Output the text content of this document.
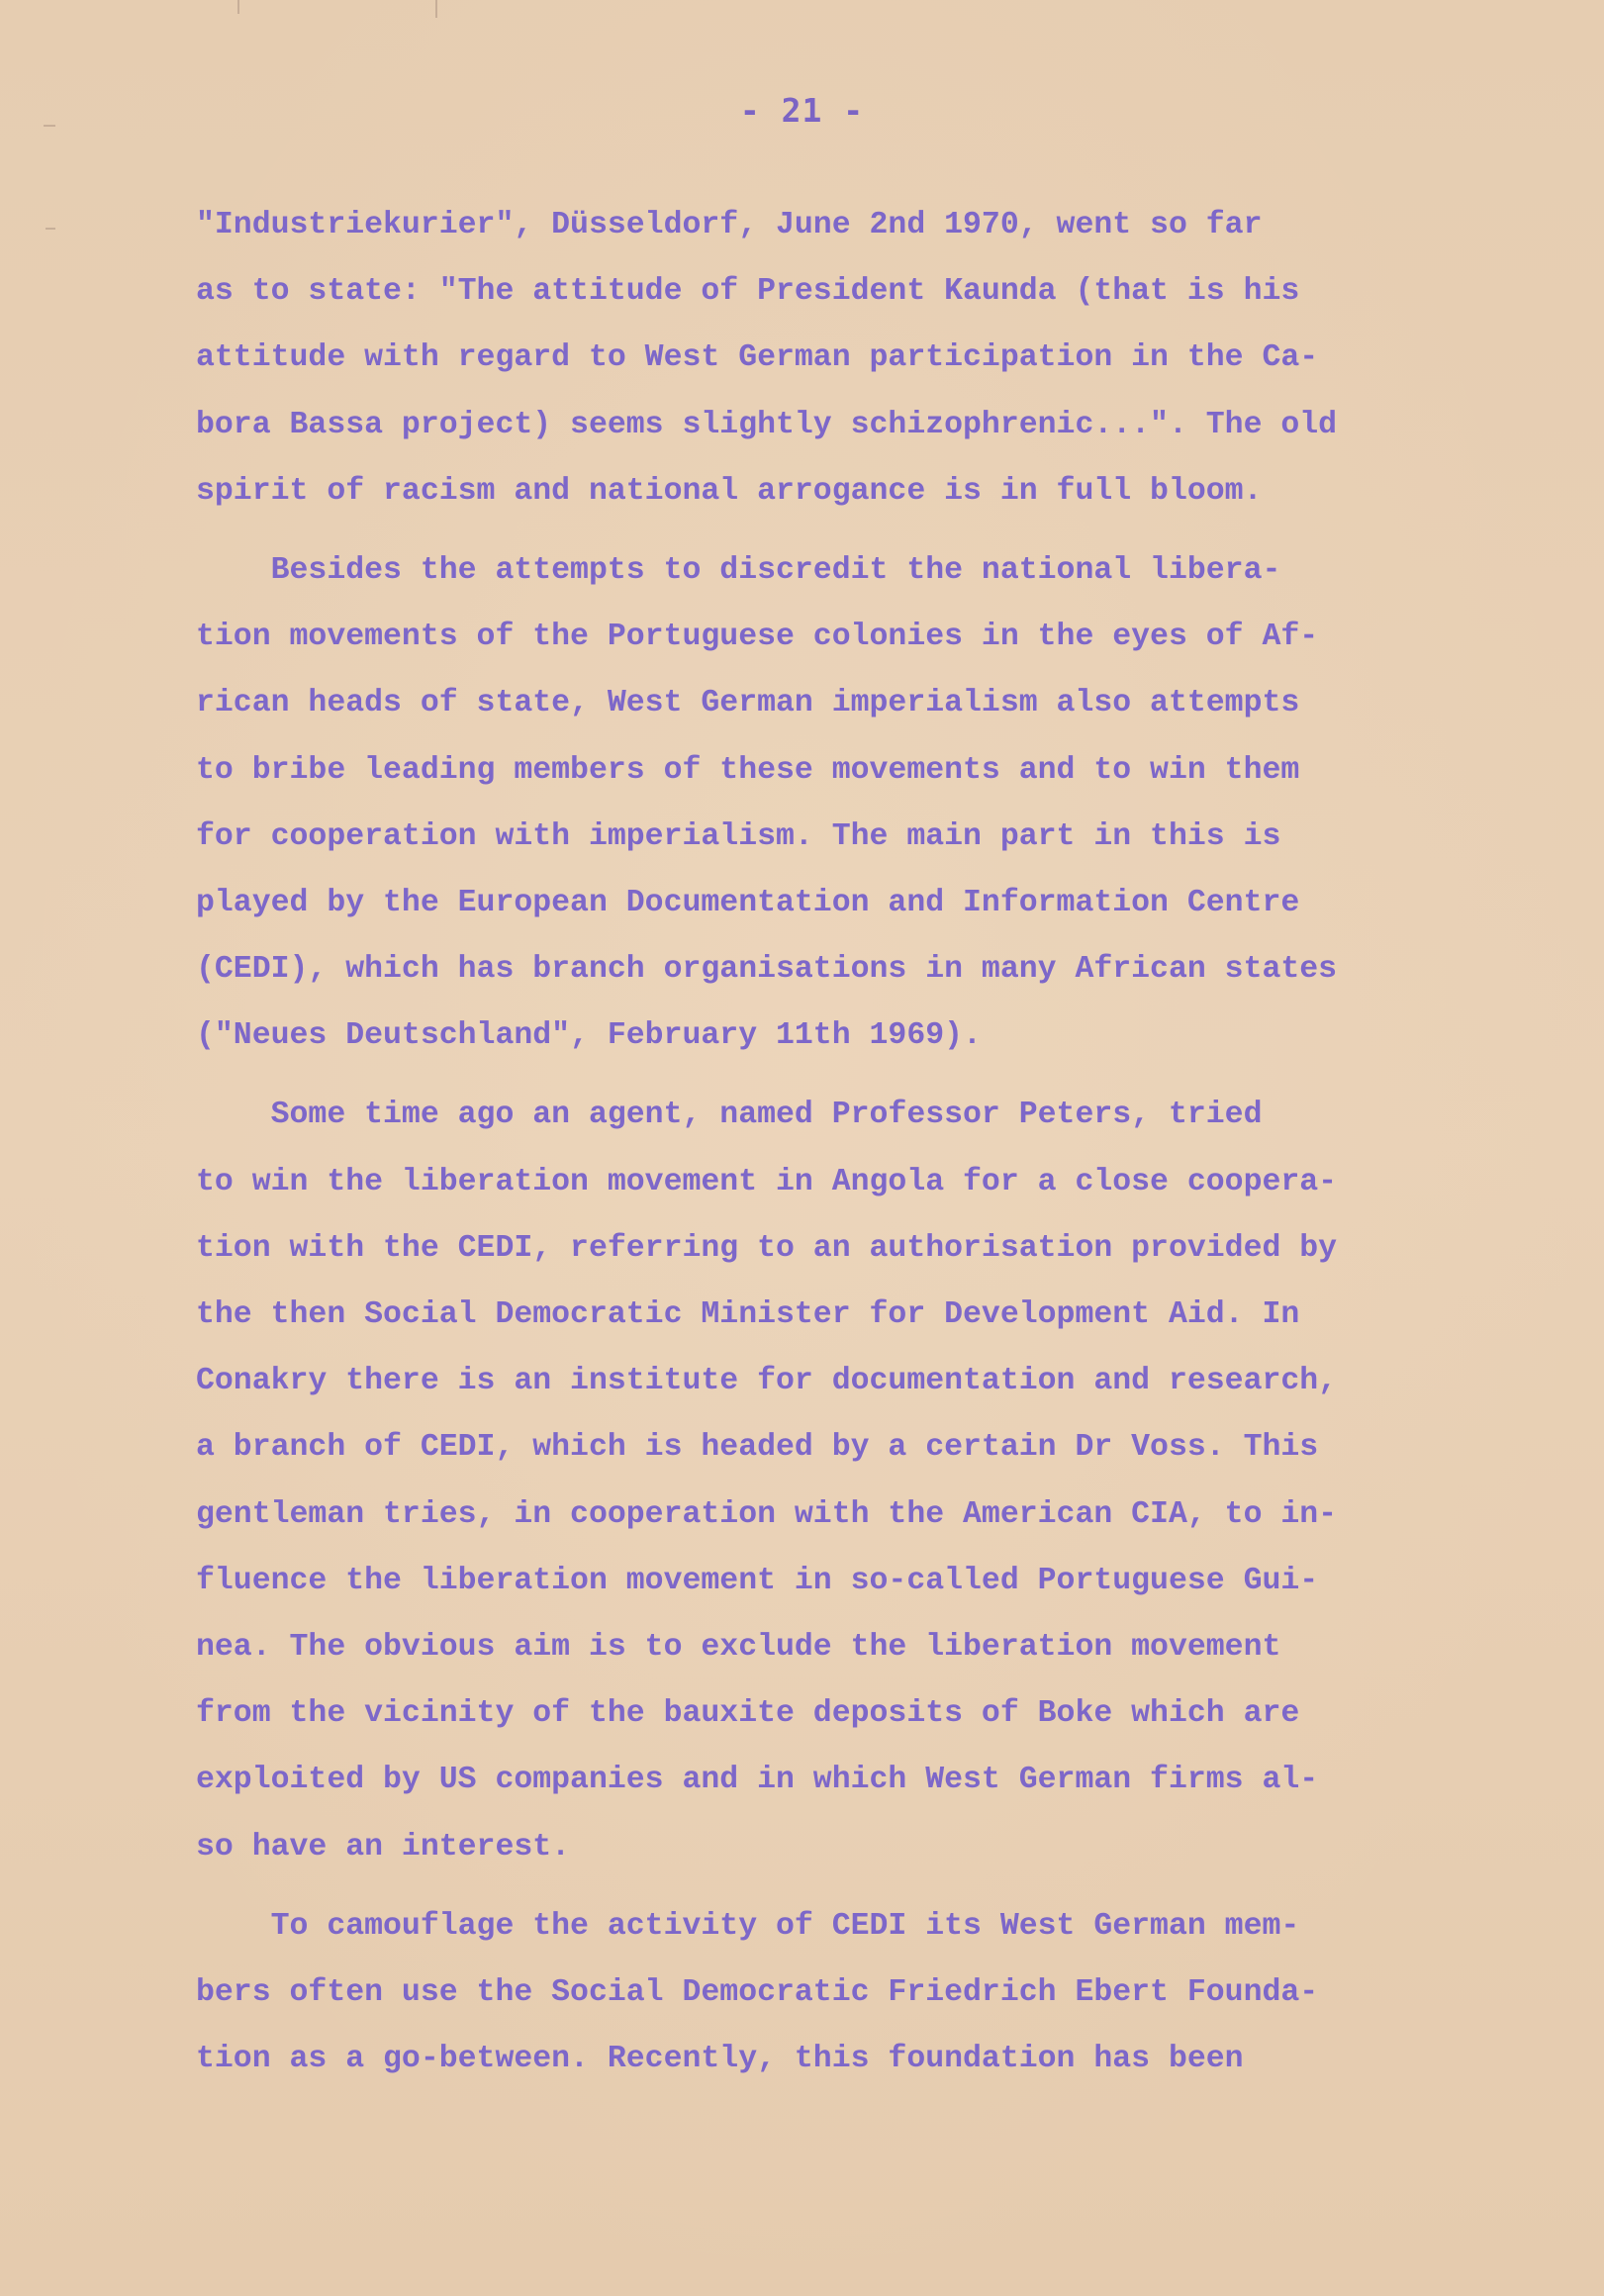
- 21 -
"Industriekurier", Düsseldorf, June 2nd 1970, went so far
as to state: "The attitude of President Kaunda (that is his
attitude with regard to West German participation in the Ca-
bora Bassa project) seems slightly schizophrenic...". The old
spirit of racism and national arrogance is in full bloom.
Besides the attempts to discredit the national libera-
tion movements of the Portuguese colonies in the eyes of Af-
rican heads of state, West German imperialism also attempts
to bribe leading members of these movements and to win them
for cooperation with imperialism. The main part in this is
played by the European Documentation and Information Centre
(CEDI), which has branch organisations in many African states
("Neues Deutschland", February 11th 1969).
Some time ago an agent, named Professor Peters, tried
to win the liberation movement in Angola for a close coopera-
tion with the CEDI, referring to an authorisation provided by
the then Social Democratic Minister for Development Aid. In
Conakry there is an institute for documentation and research,
a branch of CEDI, which is headed by a certain Dr Voss. This
gentleman tries, in cooperation with the American CIA, to in-
fluence the liberation movement in so-called Portuguese Gui-
nea. The obvious aim is to exclude the liberation movement
from the vicinity of the bauxite deposits of Boke which are
exploited by US companies and in which West German firms al-
so have an interest.
To camouflage the activity of CEDI its West German mem-
bers often use the Social Democratic Friedrich Ebert Founda-
tion as a go-between. Recently, this foundation has been
